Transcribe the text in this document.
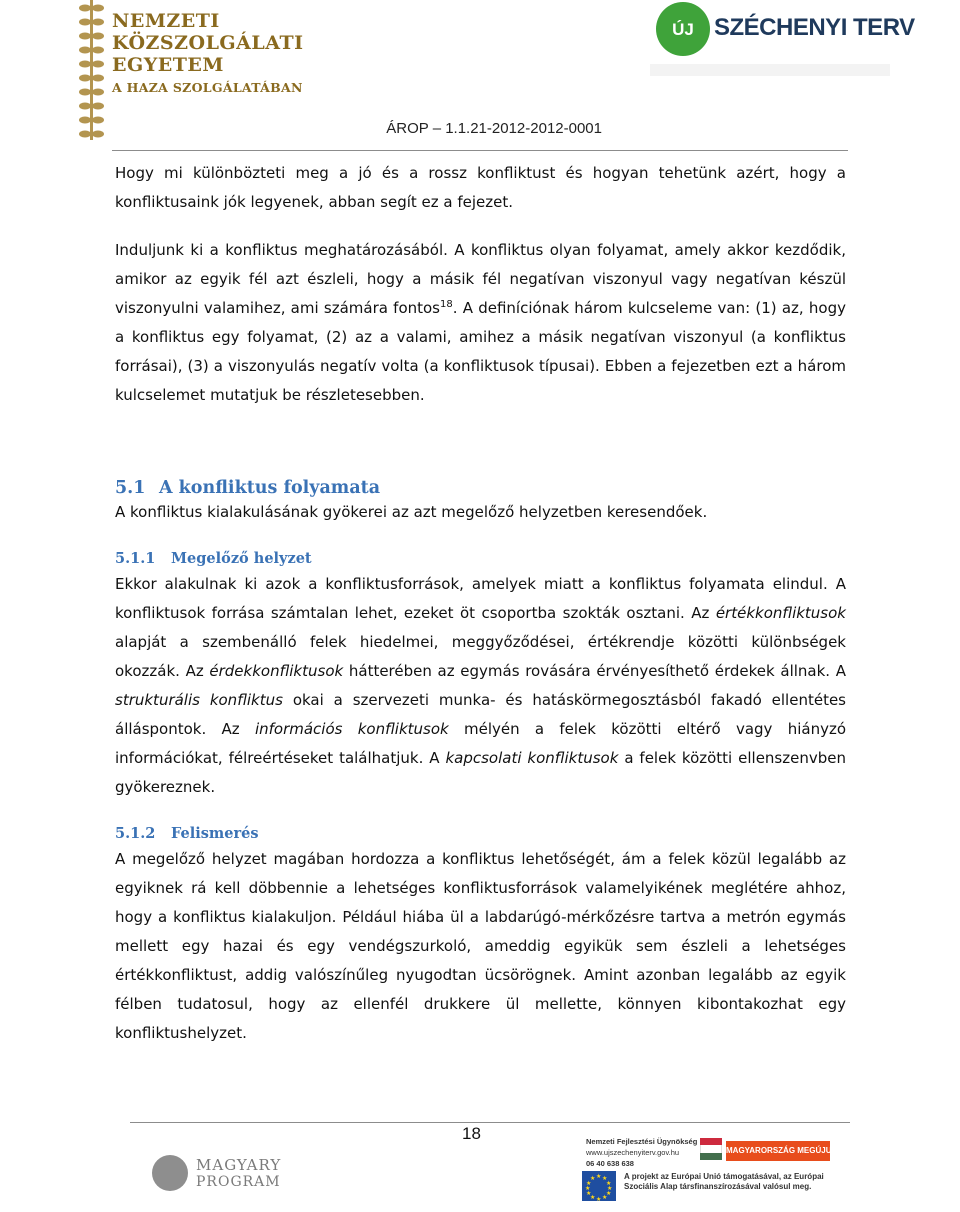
NEMZETI
KÖZSZOLGÁLATI
EGYETEM
A HAZA SZOLGÁLATÁBAN
ÚJ SZÉCHENYI TERV
ÁROP – 1.1.21-2012-2012-0001

Hogy mi különbözteti meg a jó és a rossz konfliktust és hogyan tehetünk azért, hogy a konfliktusaink jók legyenek, abban segít ez a fejezet.

Induljunk ki a konfliktus meghatározásából. A konfliktus olyan folyamat, amely akkor kezdődik, amikor az egyik fél azt észleli, hogy a másik fél negatívan viszonyul vagy negatívan készül viszonyulni valamihez, ami számára fontos$^{18}$. A definíciónak három kulcseleme van: (1) az, hogy a konfliktus egy folyamat, (2) az a valami, amihez a másik negatívan viszonyul (a konfliktus forrásai), (3) a viszonyulás negatív volta (a konfliktusok típusai). Ebben a fejezetben ezt a három kulcselemet mutatjuk be részletesebben.

5.1 A konfliktus folyamata

A konfliktus kialakulásának gyökerei az azt megelőző helyzetben keresendőek.

5.1.1 Megelőző helyzet

Ekkor alakulnak ki azok a konfliktusforrások, amelyek miatt a konfliktus folyamata elindul. A konfliktusok forrása számtalan lehet, ezeket öt csoportba szokták osztani. Az értékkonfliktusok alapját a szembenálló felek hiedelmei, meggyőződései, értékrendje közötti különbségek okozzák. Az érdekkonfliktusok hátterében az egymás rovására érvényesíthető érdekek állnak. A strukturális konfliktus okai a szervezeti munka- és hatáskörmegosztásból fakadó ellentétes álláspontok. Az információs konfliktusok mélyén a felek közötti eltérő vagy hiányzó információkat, félreértéseket találhatjuk. A kapcsolati konfliktusok a felek közötti ellenszenvben gyökereznek.

5.1.2 Felismerés

A megelőző helyzet magában hordozza a konfliktus lehetőségét, ám a felek közül legalább az egyiknek rá kell döbbennie a lehetséges konfliktusforrások valamelyikének meglétére ahhoz, hogy a konfliktus kialakuljon. Például hiába ül a labdarúgó-mérkőzésre tartva a metrón egymás mellett egy hazai és egy vendégszurkoló, ameddig egyikük sem észleli a lehetséges értékkonfliktust, addig valószínűleg nyugodtan ücsörögnek. Amint azonban legalább az egyik félben tudatosul, hogy az ellenfél drukkere ül mellette, könnyen kibontakozhat egy konfliktushelyzet.

18
MAGYARY
PROGRAM
Nemzeti Fejlesztési Ügynökség
www.ujszechenyiterv.gov.hu
06 40 638 638
MAGYARORSZÁG MEGÚJUL
★ ★
★
★
★
★
★
★
★
★
★
★	A projekt az Európai Unió támogatásával, az Európai Szociális Alap társfinanszírozásával valósul meg.
